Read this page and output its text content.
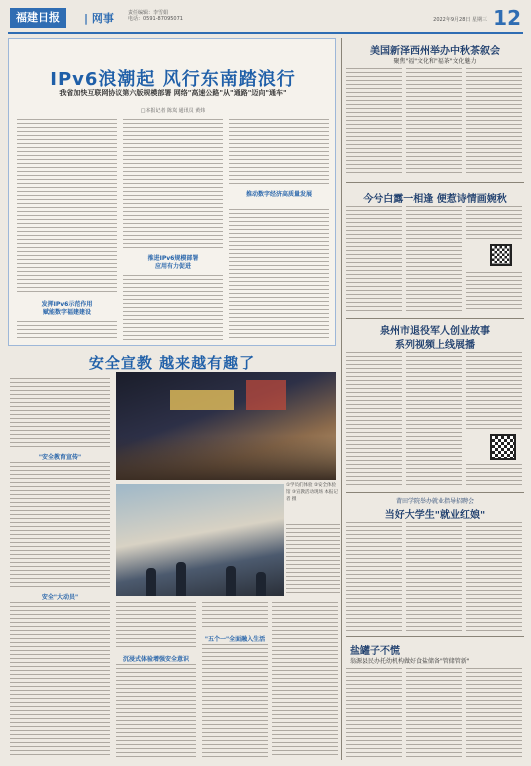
福建日报	| 网事	责任编辑：李雪娟
电话：0591-87095071	2022年9月28日 星期三 12
IPv6浪潮起 风行东南踏浪行
我省加快互联网协议第六版规模部署 网络"高速公路"从"通路"迈向"通车"
□本报记者 陈岚 通讯员 黄炜
发挥IPv6示范作用
赋能数字福建建设
推进IPv6规模部署
应用有力促进
推动数字经济高质量发展
安全宣教 越来越有趣了
"安全教育宣传"
安全"大动员"
①学员们体验 ②安全体验馆 ③宣教活动现场 本报记者 摄
沉浸式体验增强安全意识
"五个一"全面融入生活
美国新泽西州举办中秋茶叙会
聚焦"福"文化和"福茶"文化魅力
今兮白露一相逢 便惹诗情画婉秋
泉州市退役军人创业故事
系列视频上线展播
莆田学院举办就业指导招聘会
当好大学生"就业红娘"
盐罐子不慌
翁源县民办托幼机构做好食盐储备"管储管新"
